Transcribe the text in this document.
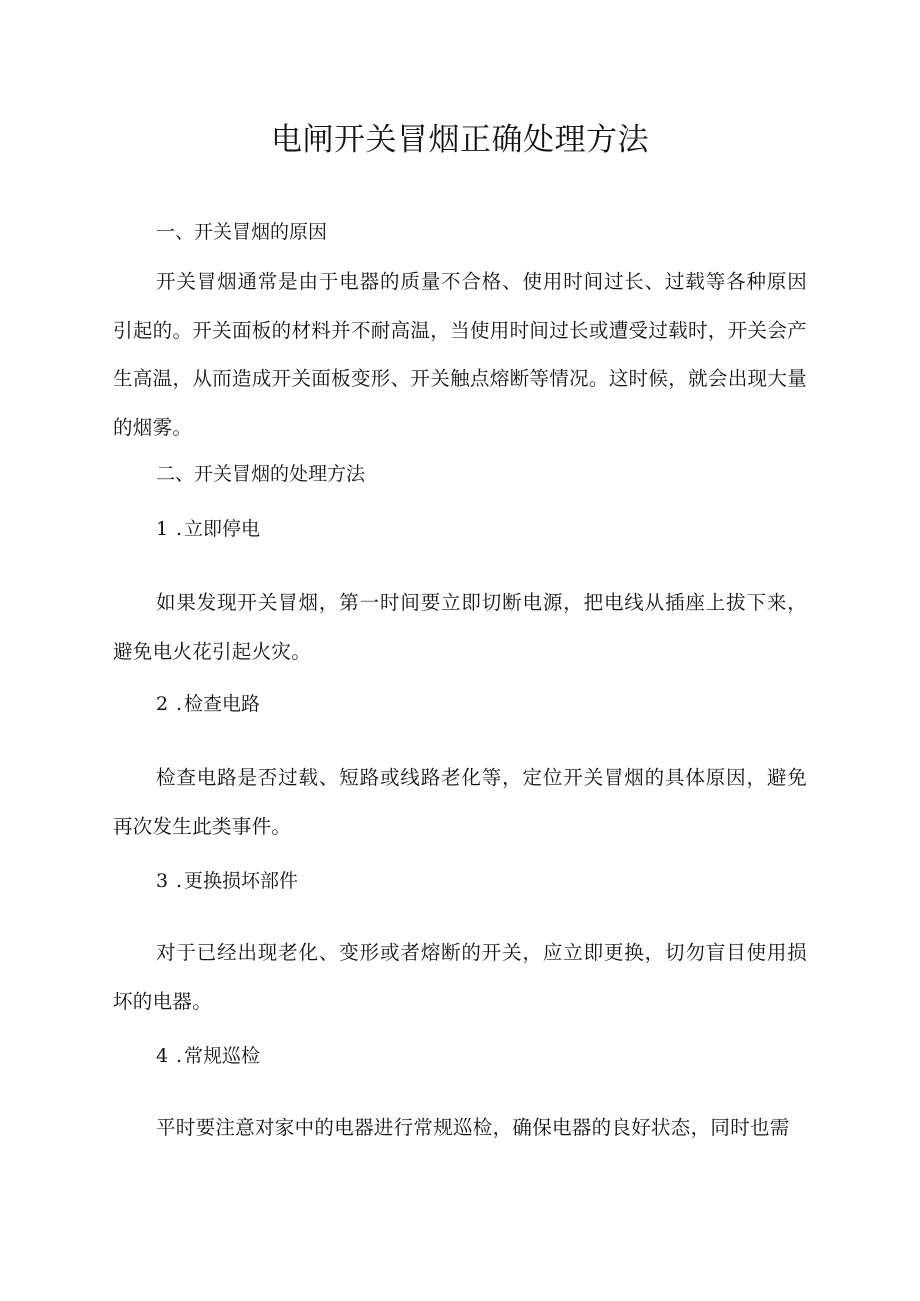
电闸开关冒烟正确处理方法

一、开关冒烟的原因

开关冒烟通常是由于电器的质量不合格、使用时间过长、过载等各种原因引起的。开关面板的材料并不耐高温，当使用时间过长或遭受过载时，开关会产生高温，从而造成开关面板变形、开关触点熔断等情况。这时候，就会出现大量的烟雾。

二、开关冒烟的处理方法

1 . 立即停电

如果发现开关冒烟，第一时间要立即切断电源，把电线从插座上拔下来，避免电火花引起火灾。

2 . 检查电路

检查电路是否过载、短路或线路老化等，定位开关冒烟的具体原因，避免再次发生此类事件。

3 . 更换损坏部件

对于已经出现老化、变形或者熔断的开关，应立即更换，切勿盲目使用损坏的电器。

4 . 常规巡检

平时要注意对家中的电器进行常规巡检，确保电器的良好状态，同时也需
